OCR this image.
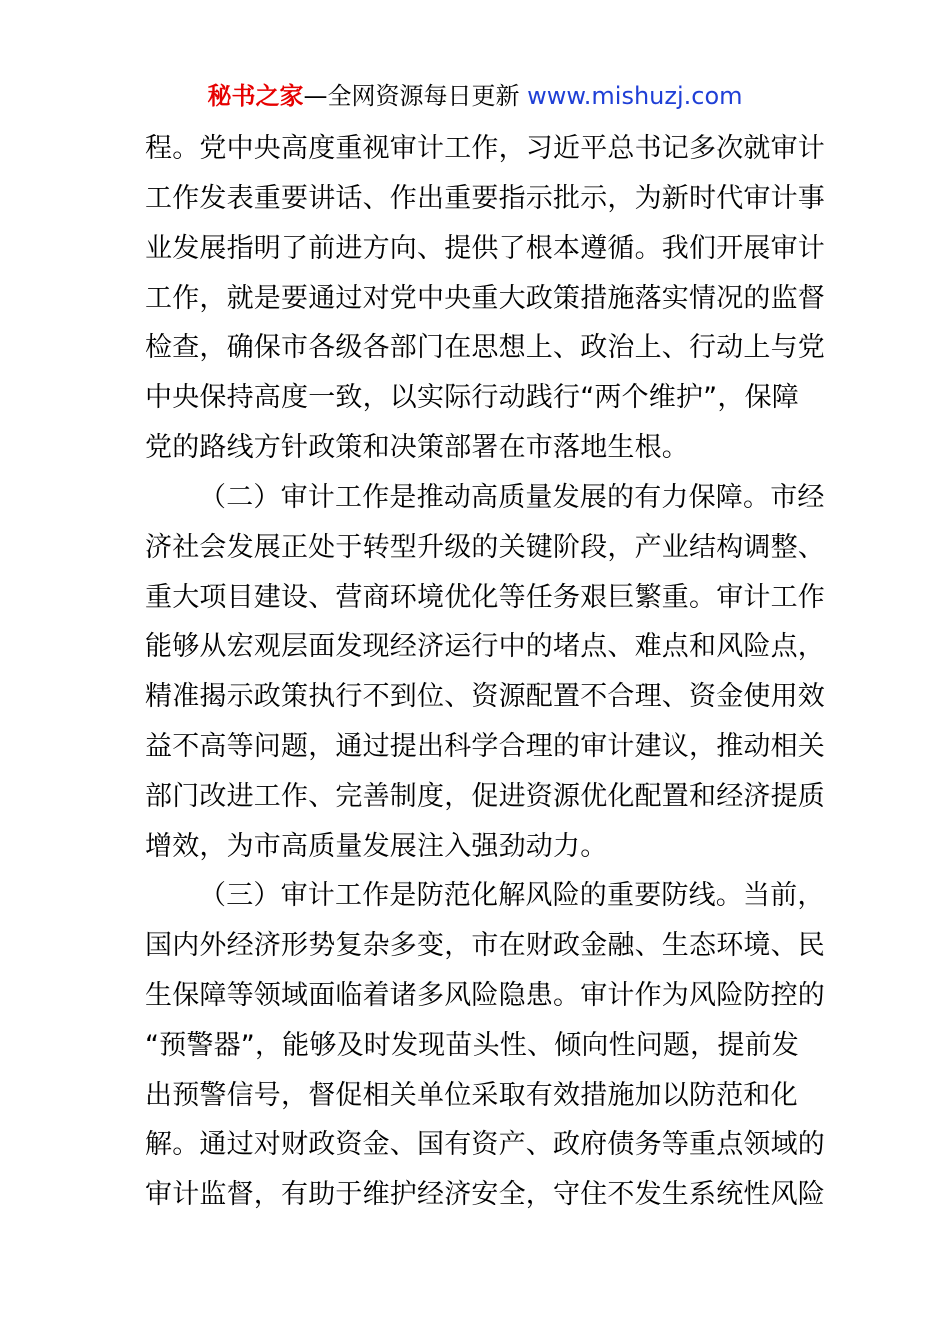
秘书之家—全网资源每日更新 www.mishuzj.com
程。党中央高度重视审计工作，习近平总书记多次就审计
工作发表重要讲话、作出重要指示批示，为新时代审计事
业发展指明了前进方向、提供了根本遵循。我们开展审计
工作，就是要通过对党中央重大政策措施落实情况的监督
检查，确保市各级各部门在思想上、政治上、行动上与党
中央保持高度一致，以实际行动践行“两个维护”，保障
党的路线方针政策和决策部署在市落地生根。
（二）审计工作是推动高质量发展的有力保障。市经
济社会发展正处于转型升级的关键阶段，产业结构调整、
重大项目建设、营商环境优化等任务艰巨繁重。审计工作
能够从宏观层面发现经济运行中的堵点、难点和风险点，
精准揭示政策执行不到位、资源配置不合理、资金使用效
益不高等问题，通过提出科学合理的审计建议，推动相关
部门改进工作、完善制度，促进资源优化配置和经济提质
增效，为市高质量发展注入强劲动力。
（三）审计工作是防范化解风险的重要防线。当前，
国内外经济形势复杂多变，市在财政金融、生态环境、民
生保障等领域面临着诸多风险隐患。审计作为风险防控的
“预警器”，能够及时发现苗头性、倾向性问题，提前发
出预警信号，督促相关单位采取有效措施加以防范和化
解。通过对财政资金、国有资产、政府债务等重点领域的
审计监督，有助于维护经济安全，守住不发生系统性风险
